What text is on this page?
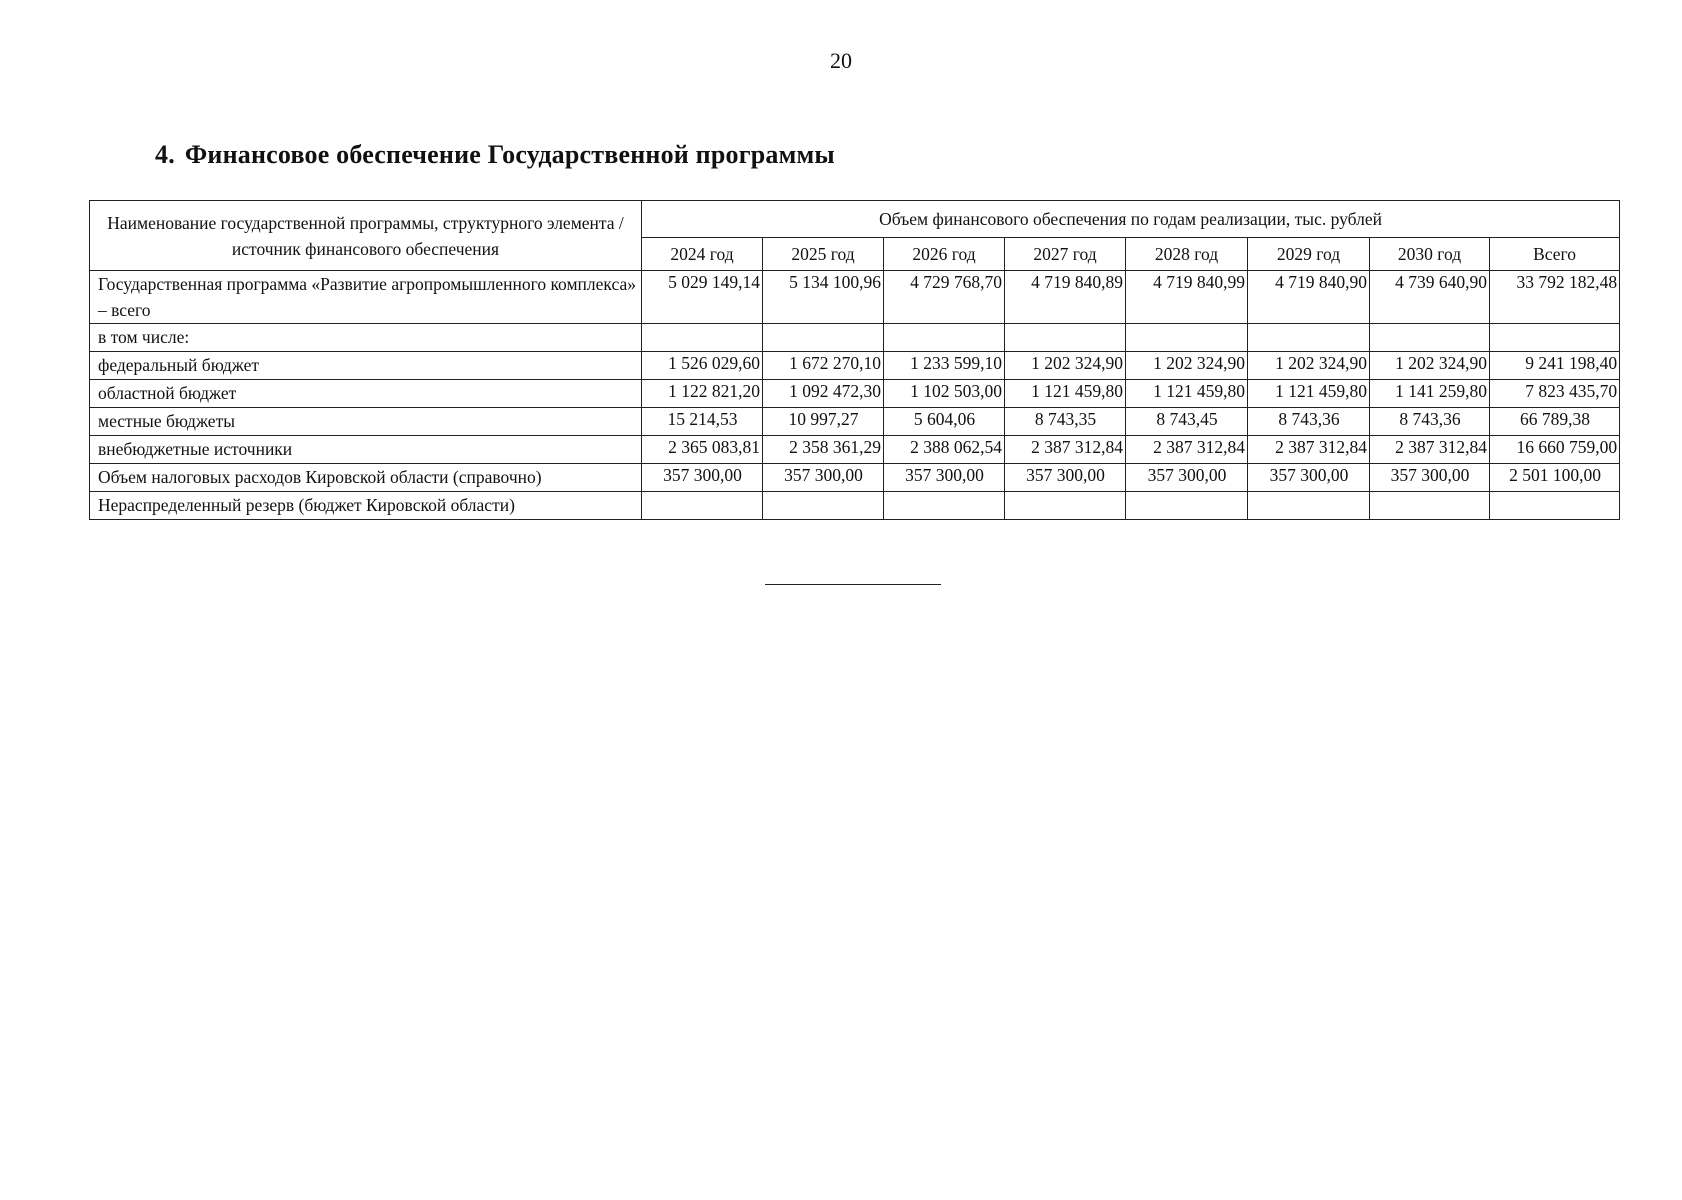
20
4. Финансовое обеспечение Государственной программы
Наименование государственной программы, структурного элемента / источник финансового обеспечения	Объем финансового обеспечения по годам реализации, тыс. рублей							
	2024 год	2025 год	2026 год	2027 год	2028 год	2029 год	2030 год	Всего
Государственная программа «Развитие агропромышленного комплекса» – всего	5 029 149,14	5 134 100,96	4 729 768,70	4 719 840,89	4 719 840,99	4 719 840,90	4 739 640,90	33 792 182,48
в том числе:								
федеральный бюджет	1 526 029,60	1 672 270,10	1 233 599,10	1 202 324,90	1 202 324,90	1 202 324,90	1 202 324,90	9 241 198,40
областной бюджет	1 122 821,20	1 092 472,30	1 102 503,00	1 121 459,80	1 121 459,80	1 121 459,80	1 141 259,80	7 823 435,70
местные бюджеты	15 214,53	10 997,27	5 604,06	8 743,35	8 743,45	8 743,36	8 743,36	66 789,38
внебюджетные источники	2 365 083,81	2 358 361,29	2 388 062,54	2 387 312,84	2 387 312,84	2 387 312,84	2 387 312,84	16 660 759,00
Объем налоговых расходов Кировской области (справочно)	357 300,00	357 300,00	357 300,00	357 300,00	357 300,00	357 300,00	357 300,00	2 501 100,00
Нераспределенный резерв (бюджет Кировской области)								
